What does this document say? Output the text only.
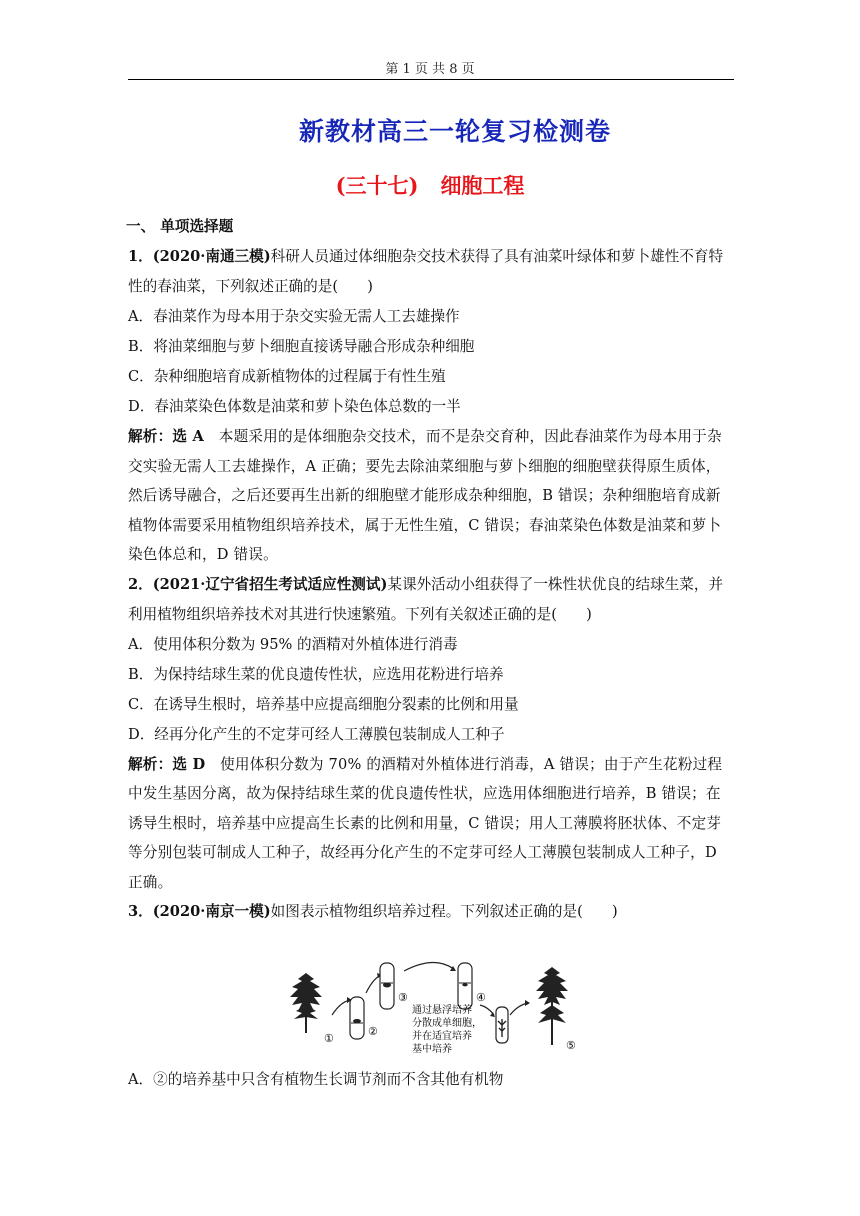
第 1 页 共 8 页
新教材高三一轮复习检测卷
(三十七) 细胞工程
一、 单项选择题

1．(2020·南通三模)科研人员通过体细胞杂交技术获得了具有油菜叶绿体和萝卜雄性不育特性的春油菜，下列叙述正确的是(　　)

A．春油菜作为母本用于杂交实验无需人工去雄操作

B．将油菜细胞与萝卜细胞直接诱导融合形成杂种细胞

C．杂种细胞培育成新植物体的过程属于有性生殖

D．春油菜染色体数是油菜和萝卜染色体总数的一半

解析：选 A　 本题采用的是体细胞杂交技术，而不是杂交育种，因此春油菜作为母本用于杂交实验无需人工去雄操作，A 正确；要先去除油菜细胞与萝卜细胞的细胞壁获得原生质体，然后诱导融合，之后还要再生出新的细胞壁才能形成杂种细胞，B 错误；杂种细胞培育成新植物体需要采用植物组织培养技术，属于无性生殖，C 错误；春油菜染色体数是油菜和萝卜染色体总和，D 错误。

2．(2021·辽宁省招生考试适应性测试)某课外活动小组获得了一株性状优良的结球生菜，并利用植物组织培养技术对其进行快速繁殖。下列有关叙述正确的是(　　)

A．使用体积分数为 95% 的酒精对外植体进行消毒

B．为保持结球生菜的优良遗传性状，应选用花粉进行培养

C．在诱导生根时，培养基中应提高细胞分裂素的比例和用量

D．经再分化产生的不定芽可经人工薄膜包装制成人工种子

解析：选 D　 使用体积分数为 70% 的酒精对外植体进行消毒，A 错误；由于产生花粉过程中发生基因分离，故为保持结球生菜的优良遗传性状，应选用体细胞进行培养，B 错误；在诱导生根时，培养基中应提高生长素的比例和用量，C 错误；用人工薄膜将胚状体、不定芽等分别包装可制成人工种子，故经再分化产生的不定芽可经人工薄膜包装制成人工种子，D 正确。

3．(2020·南京一模)如图表示植物组织培养过程。下列叙述正确的是(　　)

①
②
③	④
⑤
通过悬浮培养
分散成单细胞，
并在适宜培养
基中培养
A．②的培养基中只含有植物生长调节剂而不含其他有机物
